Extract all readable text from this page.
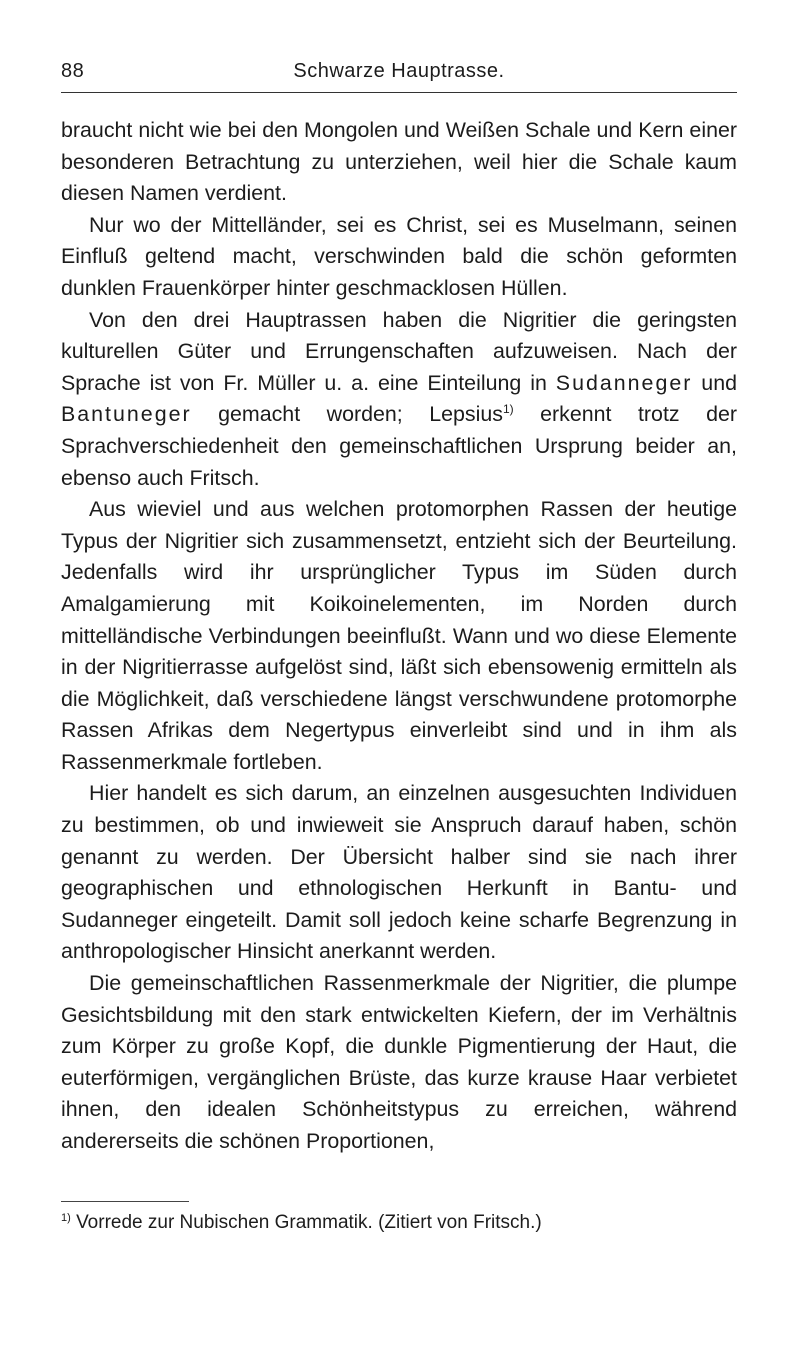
88	Schwarze Hauptrasse.

braucht nicht wie bei den Mongolen und Weißen Schale und Kern einer besonderen Betrachtung zu unterziehen, weil hier die Schale kaum diesen Namen verdient.

Nur wo der Mittelländer, sei es Christ, sei es Muselmann, seinen Einfluß geltend macht, verschwinden bald die schön geformten dunklen Frauenkörper hinter geschmacklosen Hüllen.

Von den drei Hauptrassen haben die Nigritier die geringsten kulturellen Güter und Errungenschaften aufzuweisen. Nach der Sprache ist von Fr. Müller u. a. eine Einteilung in Sudanneger und Bantuneger gemacht worden; Lepsius$^{1)}$ erkennt trotz der Sprachverschiedenheit den gemeinschaftlichen Ursprung beider an, ebenso auch Fritsch.

Aus wieviel und aus welchen protomorphen Rassen der heutige Typus der Nigritier sich zusammensetzt, entzieht sich der Beurteilung. Jedenfalls wird ihr ursprünglicher Typus im Süden durch Amalgamierung mit Koikoinelementen, im Norden durch mittelländische Verbindungen beeinflußt. Wann und wo diese Elemente in der Nigritierrasse aufgelöst sind, läßt sich ebensowenig ermitteln als die Möglichkeit, daß verschiedene längst verschwundene protomorphe Rassen Afrikas dem Negertypus einverleibt sind und in ihm als Rassenmerkmale fortleben.

Hier handelt es sich darum, an einzelnen ausgesuchten Individuen zu bestimmen, ob und inwieweit sie Anspruch darauf haben, schön genannt zu werden. Der Übersicht halber sind sie nach ihrer geographischen und ethnologischen Herkunft in Bantu- und Sudanneger eingeteilt. Damit soll jedoch keine scharfe Begrenzung in anthropologischer Hinsicht anerkannt werden.

Die gemeinschaftlichen Rassenmerkmale der Nigritier, die plumpe Gesichtsbildung mit den stark entwickelten Kiefern, der im Verhältnis zum Körper zu große Kopf, die dunkle Pigmentierung der Haut, die euterförmigen, vergänglichen Brüste, das kurze krause Haar verbietet ihnen, den idealen Schönheitstypus zu erreichen, während andererseits die schönen Proportionen,

$^{1)}$ Vorrede zur Nubischen Grammatik. (Zitiert von Fritsch.)
